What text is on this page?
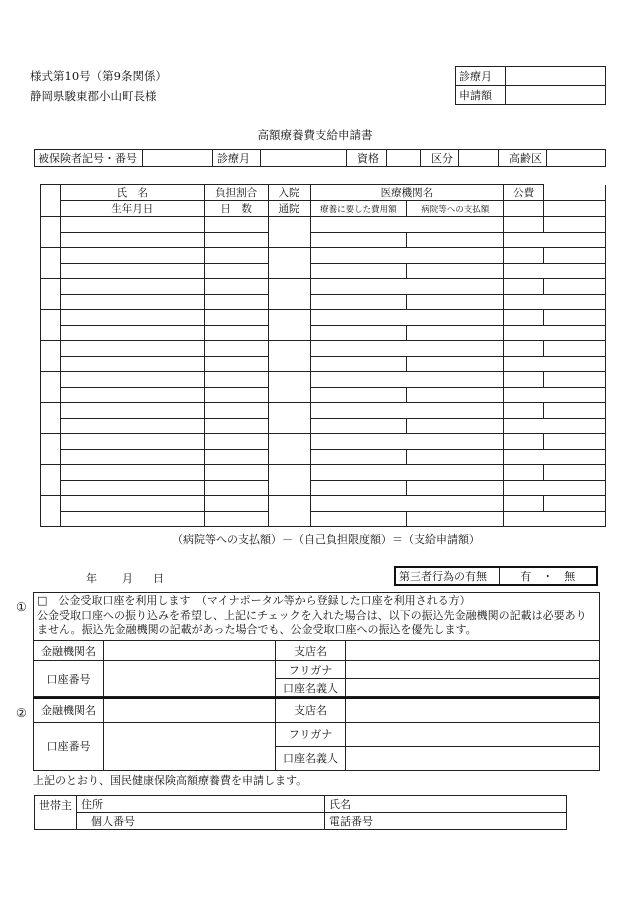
様式第10号（第9条関係）
静岡県駿東郡小山町長様
診療月	
申請額	
高額療養費支給申請書
被保険者記号・番号		診療月		資格		区分		高齢区	
	氏　名	負担割合	入院	医療機関名		公費	
	生年月日	日　数	通院	療養に要した費用額	病院等への支払額		

（病院等への支払額）－（自己負担限度額）＝（支給申請額）
年 月 日	第三者行為の有無	有　・　無
①
②
□　公金受取口座を利用します　（マイナポータル等から登録した口座を利用される方）
公金受取口座への振り込みを希望し、上記にチェックを入れた場合は、以下の振込先金融機関の記載は必要ありません。振込先金融機関の記載があった場合でも、公金受取口座への振込を優先します。
金融機関名		支店名	
口座番号		フリガナ	
		口座名義人	
金融機関名		支店名	
口座番号		フリガナ	
		口座名義人	
上記のとおり、国民健康保険高額療養費を申請します。
世帯主	住所	氏名
	個人番号	電話番号
